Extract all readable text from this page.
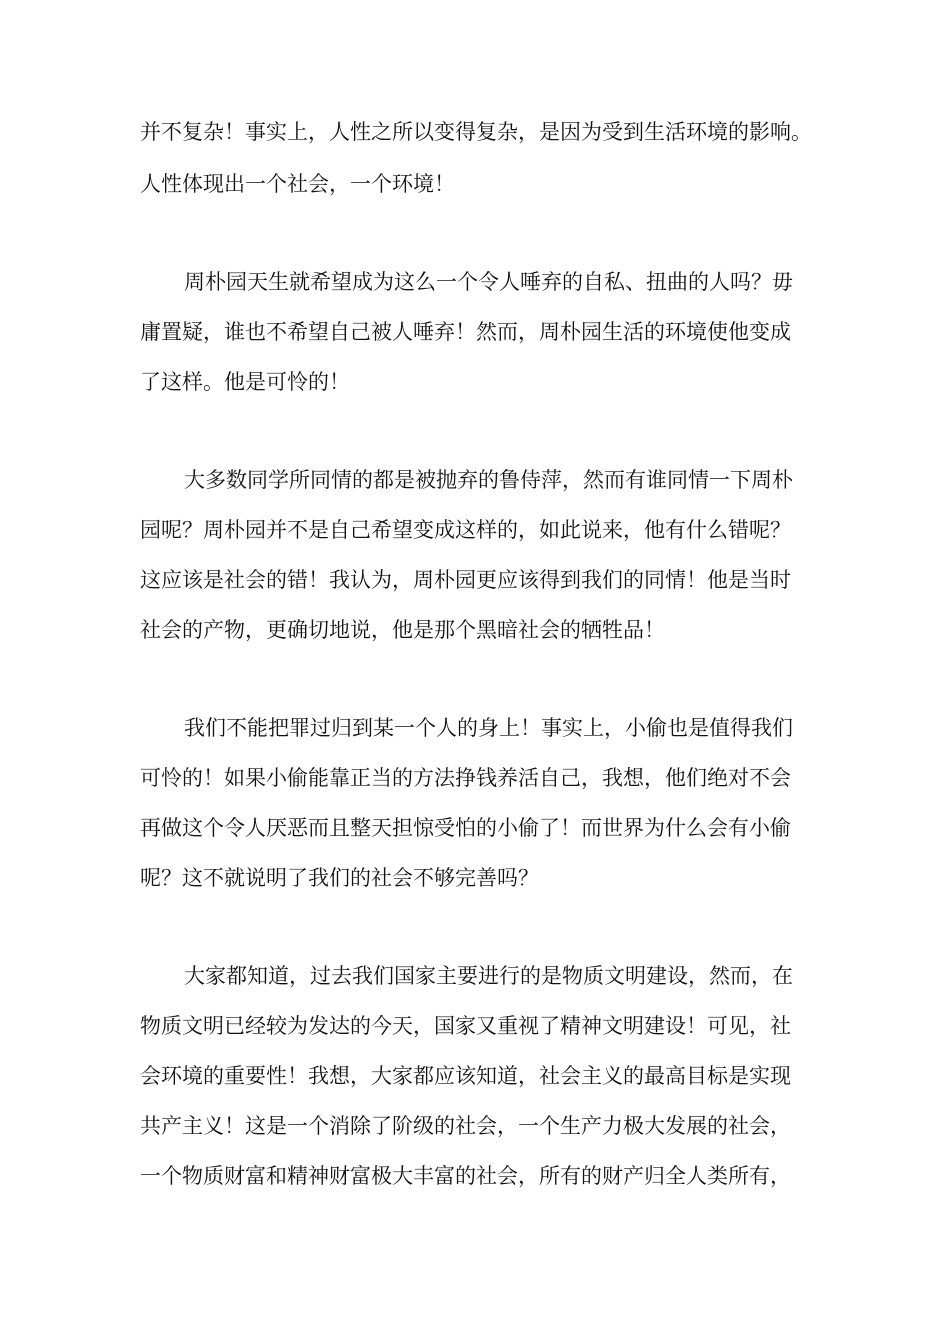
并不复杂！事实上，人性之所以变得复杂，是因为受到生活环境的影响。
人性体现出一个社会，一个环境！
周朴园天生就希望成为这么一个令人唾弃的自私、扭曲的人吗？毋
庸置疑，谁也不希望自己被人唾弃！然而，周朴园生活的环境使他变成
了这样。他是可怜的！
大多数同学所同情的都是被抛弃的鲁侍萍，然而有谁同情一下周朴
园呢？周朴园并不是自己希望变成这样的，如此说来，他有什么错呢？
这应该是社会的错！我认为，周朴园更应该得到我们的同情！他是当时
社会的产物，更确切地说，他是那个黑暗社会的牺牲品！
我们不能把罪过归到某一个人的身上！事实上，小偷也是值得我们
可怜的！如果小偷能靠正当的方法挣钱养活自己，我想，他们绝对不会
再做这个令人厌恶而且整天担惊受怕的小偷了！而世界为什么会有小偷
呢？这不就说明了我们的社会不够完善吗？
大家都知道，过去我们国家主要进行的是物质文明建设，然而，在
物质文明已经较为发达的今天，国家又重视了精神文明建设！可见，社
会环境的重要性！我想，大家都应该知道，社会主义的最高目标是实现
共产主义！这是一个消除了阶级的社会，一个生产力极大发展的社会，
一个物质财富和精神财富极大丰富的社会，所有的财产归全人类所有，
